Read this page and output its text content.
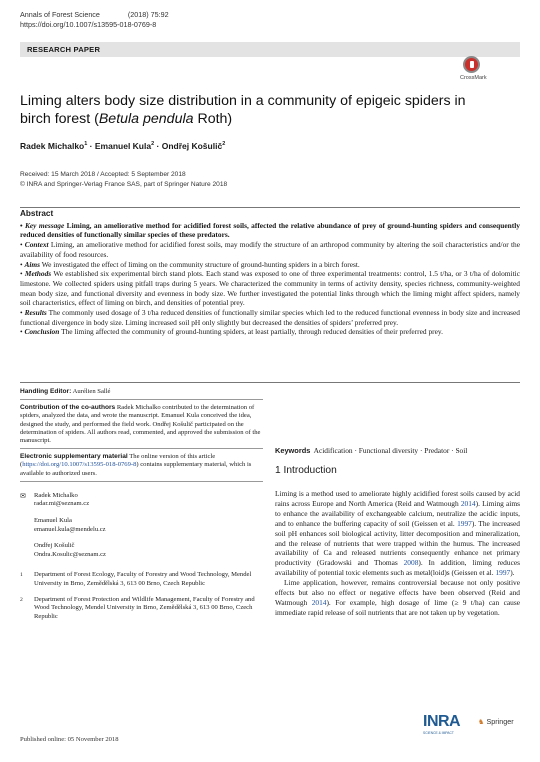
Annals of Forest Science	(2018) 75:92
https://doi.org/10.1007/s13595-018-0769-8
RESEARCH PAPER
CrossMark
Liming alters body size distribution in a community of epigeic spiders in birch forest (Betula pendula Roth)
Radek Michalko$^1$ · Emanuel Kula$^2$ · Ondřej Košulič$^2$
Received: 15 March 2018 / Accepted: 5 September 2018
© INRA and Springer-Verlag France SAS, part of Springer Nature 2018
Abstract

• Key message Liming, an ameliorative method for acidified forest soils, affected the relative abundance of prey of ground-hunting spiders and consequently reduced densities of functionally similar species of these predators.

• Context Liming, an ameliorative method for acidified forest soils, may modify the structure of an arthropod community by altering the soil characteristics and/or the availability of food resources.

• Aims We investigated the effect of liming on the community structure of ground-hunting spiders in a birch forest.

• Methods We established six experimental birch stand plots. Each stand was exposed to one of three experimental treatments: control, 1.5 t/ha, or 3 t/ha of dolomitic limestone. We collected spiders using pitfall traps during 5 years. We characterized the community in terms of activity density, species richness, community-weighted mean body size, and functional diversity and evenness in body size. We further investigated the potential links through which the liming might affect spiders, namely soil characteristics, effect of liming on birch, and densities of potential prey.

• Results The commonly used dosage of 3 t/ha reduced densities of functionally similar species which led to the reduced functional evenness in body size and increased functional divergence in body size. Liming increased soil pH only slightly but decreased the densities of spiders’ preferred prey.

• Conclusion The liming affected the community of ground-hunting spiders, at least partially, through reduced densities of their preferred prey.

Handling Editor: Aurélien Sallé
Contribution of the co-authors Radek Michalko contributed to the determination of spiders, analyzed the data, and wrote the manuscript. Emanuel Kula conceived the idea, designed the study, and performed the field work. Ondřej Košulič participated on the determination of spiders. All authors read, commented, and approved the submission of the manuscript.
Electronic supplementary material The online version of this article (https://doi.org/10.1007/s13595-018-0769-8) contains supplementary material, which is available to authorized users.
✉ Radek Michalko
radar.mi@seznam.cz
Emanuel Kula
emanuel.kula@mendelu.cz
Ondřej Košulič
Ondra.Kosulic@seznam.cz
1 Department of Forest Ecology, Faculty of Forestry and Wood Technology, Mendel University in Brno, Zemědělská 3, 613 00 Brno, Czech Republic
2 Department of Forest Protection and Wildlife Management, Faculty of Forestry and Wood Technology, Mendel University in Brno, Zemědělská 3, 613 00 Brno, Czech Republic
Keywords Acidification · Functional diversity · Predator · Soil
1 Introduction

Liming is a method used to ameliorate highly acidified forest soils caused by acid rains across Europe and North America (Reid and Watmough 2014). Liming aims to enhance the availability of exchangeable calcium, neutralize the acidic inputs, and to enhance the buffering capacity of soil (Geissen et al. 1997). The increased soil pH enhances soil biological activity, litter decomposition and mineralization, and the release of nutrients that were trapped within the humus. The increased availability of Ca and released nutrients consequently enhance net primary productivity (Gradowski and Thomas 2008). In addition, liming reduces availability of potential toxic elements such as metal(loid)s (Geissen et al. 1997).

Lime application, however, remains controversial because not only positive effects but also no effect or negative effects have been observed (Reid and Watmough 2014). For example, high dosage of lime (≥ 9 t/ha) can cause immediate rapid release of soil nutrients that are not taken up by vegetation.

Published online: 05 November 2018
INRA
SCIENCE & IMPACT
♞ Springer
